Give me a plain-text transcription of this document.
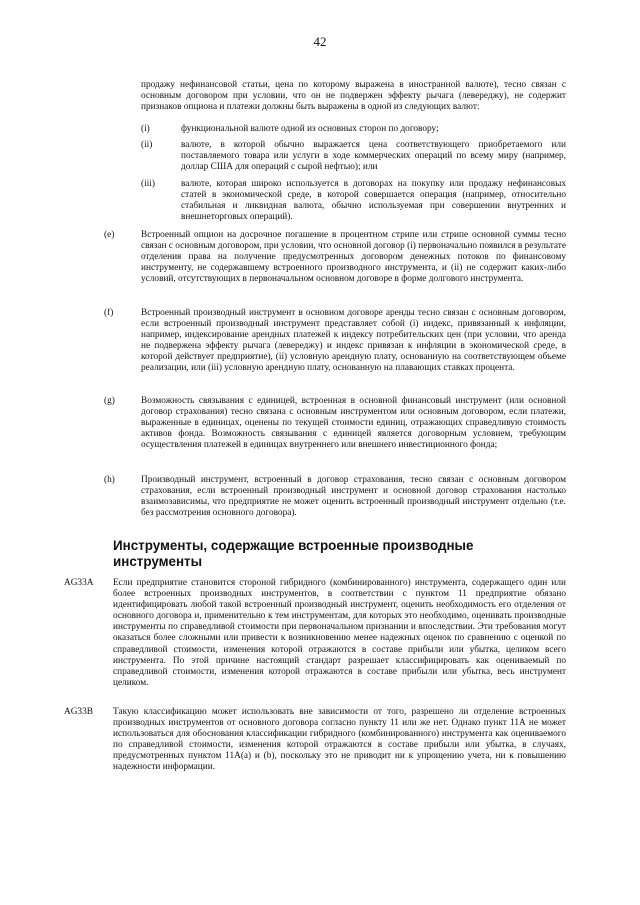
42
продажу нефинансовой статьи, цена по которому выражена в иностранной валюте), тесно связан с основным договором при условии, что он не подвержен эффекту рычага (левереджу), не содержит признаков опциона и платежи должны быть выражены в одной из следующих валют:
(i)	функциональной валюте одной из основных сторон по договору;
(ii)	валюте, в которой обычно выражается цена соответствующего приобретаемого или поставляемого товара или услуги в ходе коммерческих операций по всему миру (например, доллар США для операций с сырой нефтью); или
(iii)	валюте, которая широко используется в договорах на покупку или продажу нефинансовых статей в экономической среде, в которой совершается операция (например, относительно стабильная и ликвидная валюта, обычно используемая при совершении внутренних и внешнеторговых операций).
(e)	Встроенный опцион на досрочное погашение в процентном стрипе или стрипе основной суммы тесно связан с основным договором, при условии, что основной договор (i) первоначально появился в результате отделения права на получение предусмотренных договором денежных потоков по финансовому инструменту, не содержавшему встроенного производного инструмента, и (ii) не содержит каких-либо условий, отсутствующих в первоначальном основном договоре в форме долгового инструмента.
(f)	Встроенный производный инструмент в основном договоре аренды тесно связан с основным договором, если встроенный производный инструмент представляет собой (i) индекс, привязанный к инфляции, например, индексирование арендных платежей к индексу потребительских цен (при условии, что аренда не подвержена эффекту рычага (левереджу) и индекс привязан к инфляции в экономической среде, в которой действует предприятие), (ii) условную арендную плату, основанную на соответствующем объеме реализации, или (iii) условную арендную плату, основанную на плавающих ставках процента.
(g)	Возможность связывания с единицей, встроенная в основной финансовый инструмент (или основной договор страхования) тесно связана с основным инструментом или основным договором, если платежи, выраженные в единицах, оценены по текущей стоимости единиц, отражающих справедливую стоимость активов фонда. Возможность связывания с единицей является договорным условием, требующим осуществления платежей в единицах внутреннего или внешнего инвестиционного фонда;
(h)	Производный инструмент, встроенный в договор страхования, тесно связан с основным договором страхования, если встроенный производный инструмент и основной договор страхования настолько взаимозависимы, что предприятие не может оценить встроенный производный инструмент отдельно (т.е. без рассмотрения основного договора).
Инструменты, содержащие встроенные производные инструменты
AG33A Если предприятие становится стороной гибридного (комбинированного) инструмента, содержащего один или более встроенных производных инструментов, в соответствии с пунктом 11 предприятие обязано идентифицировать любой такой встроенный производный инструмент, оценить необходимость его отделения от основного договора и, применительно к тем инструментам, для которых это необходимо, оценивать производные инструменты по справедливой стоимости при первоначальном признании и впоследствии. Эти требования могут оказаться более сложными или привести к возникновению менее надежных оценок по сравнению с оценкой по справедливой стоимости, изменения которой отражаются в составе прибыли или убытка, целиком всего инструмента. По этой причине настоящий стандарт разрешает классифицировать как оцениваемый по справедливой стоимости, изменения которой отражаются в составе прибыли или убытка, весь инструмент целиком.
AG33B Такую классификацию может использовать вне зависимости от того, разрешено ли отделение встроенных производных инструментов от основного договора согласно пункту 11 или же нет. Однако пункт 11А не может использоваться для обоснования классификации гибридного (комбинированного) инструмента как оцениваемого по справедливой стоимости, изменения которой отражаются в составе прибыли или убытка, в случаях, предусмотренных пунктом 11А(а) и (b), поскольку это не приводит ни к упрощению учета, ни к повышению надежности информации.
